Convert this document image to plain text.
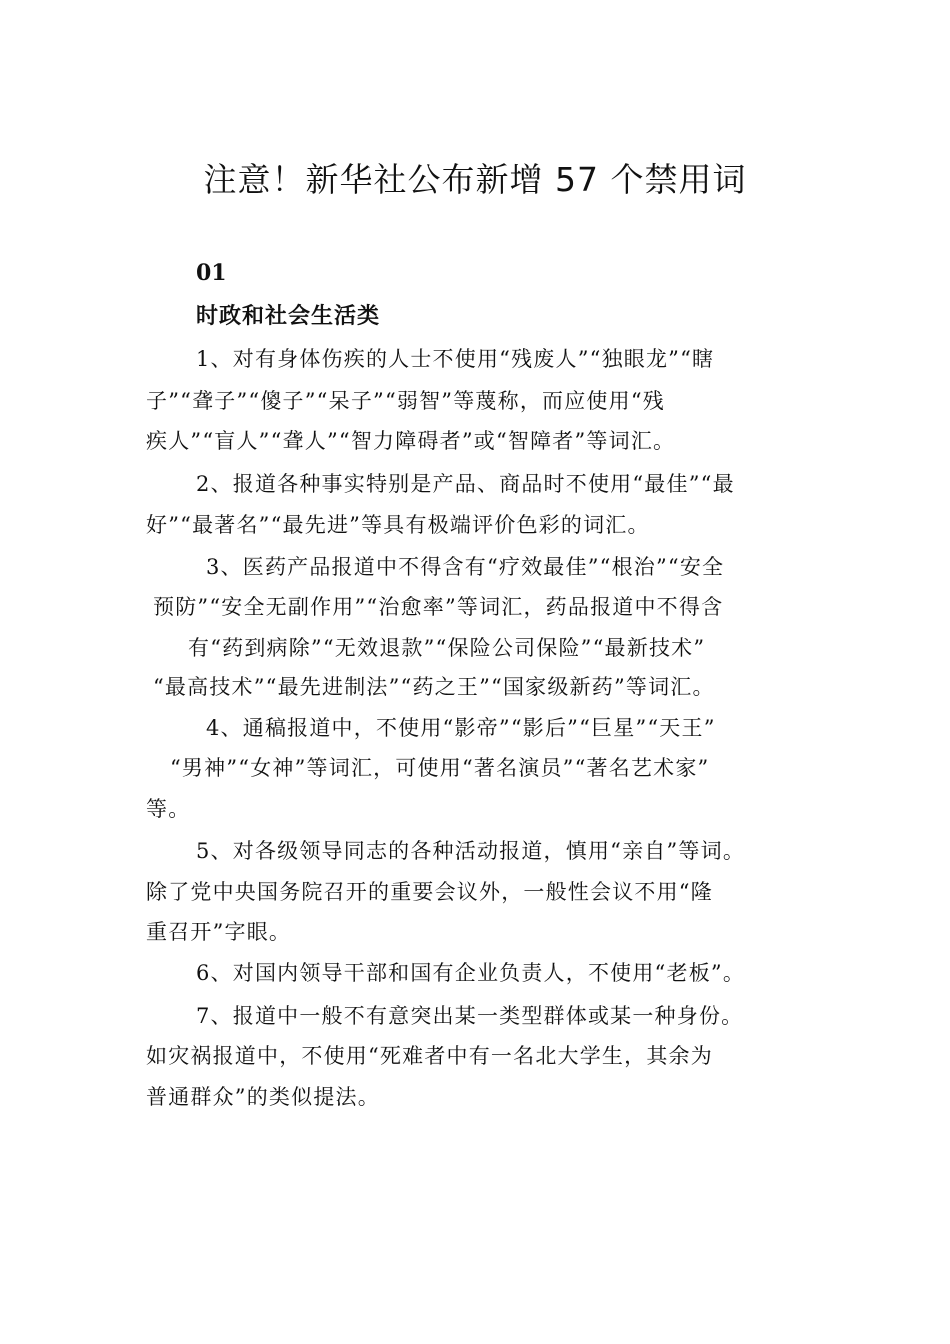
注意！新华社公布新增 57 个禁用词
01
时政和社会生活类
1、对有身体伤疾的人士不使用“残废人”“独眼龙”“瞎
子”“聋子”“傻子”“呆子”“弱智”等蔑称，而应使用“残
疾人”“盲人”“聋人”“智力障碍者”或“智障者”等词汇。
2、报道各种事实特别是产品、商品时不使用“最佳”“最
好”“最著名”“最先进”等具有极端评价色彩的词汇。
3、医药产品报道中不得含有“疗效最佳”“根治”“安全
预防”“安全无副作用”“治愈率”等词汇，药品报道中不得含
有“药到病除”“无效退款”“保险公司保险”“最新技术”
“最高技术”“最先进制法”“药之王”“国家级新药”等词汇。
4、通稿报道中，不使用“影帝”“影后”“巨星”“天王”
“男神”“女神”等词汇，可使用“著名演员”“著名艺术家”
等。
5、对各级领导同志的各种活动报道，慎用“亲自”等词。
除了党中央国务院召开的重要会议外，一般性会议不用“隆
重召开”字眼。
6、对国内领导干部和国有企业负责人，不使用“老板”。
7、报道中一般不有意突出某一类型群体或某一种身份。
如灾祸报道中，不使用“死难者中有一名北大学生，其余为
普通群众”的类似提法。
